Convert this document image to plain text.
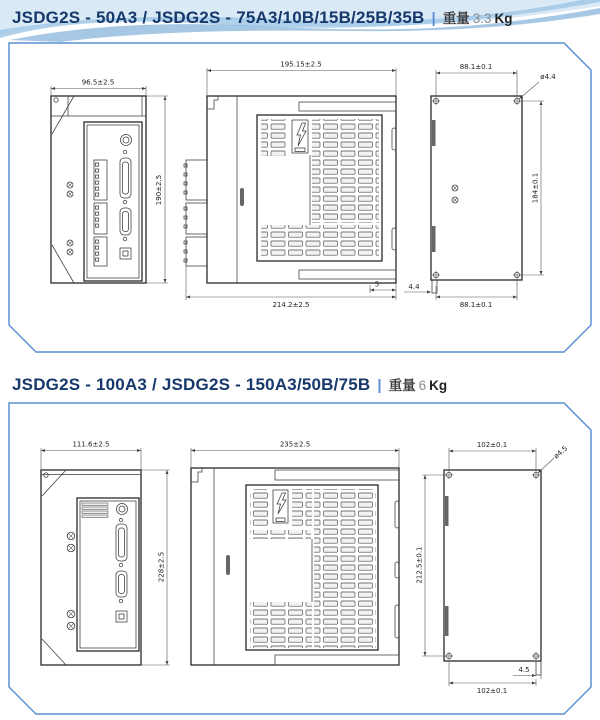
JSDG2S - 50A3 / JSDG2S - 75A3/10B/15B/25B/35B | 重量 3.3 Kg
96.5±2.5
190±2.5
195.15±2.5
214.2±2.5
5
88.1±0.1
ø4.4
184±0.1
4.4
88.1±0.1
JSDG2S - 100A3 / JSDG2S - 150A3/50B/75B | 重量 6 Kg
111.6±2.5
228±2.5
235±2.5	102±0.1	ø4.5
212.5±0.1
4.5
102±0.1
